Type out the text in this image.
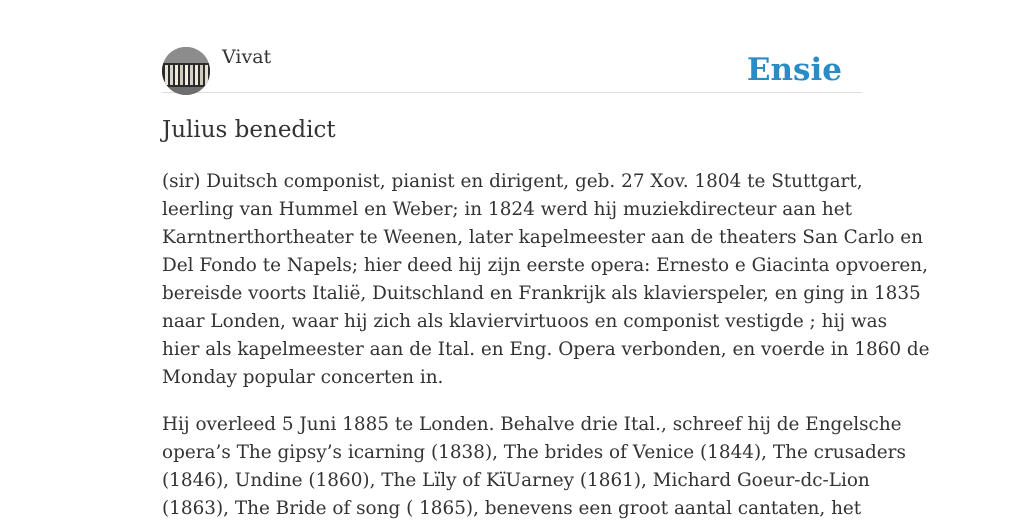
Vivat	Ensie
Julius benedict

(sir) Duitsch componist, pianist en dirigent, geb. 27 Xov. 1804 te Stuttgart,
leerling van Hummel en Weber; in 1824 werd hij muziekdirecteur aan het
Karntnerthortheater te Weenen, later kapelmeester aan de theaters San Carlo en
Del Fondo te Napels; hier deed hij zijn eerste opera: Ernesto e Giacinta opvoeren,
bereisde voorts Italië, Duitschland en Frankrijk als klavierspeler, en ging in 1835
naar Londen, waar hij zich als klaviervirtuoos en componist vestigde ; hij was
hier als kapelmeester aan de Ital. en Eng. Opera verbonden, en voerde in 1860 de
Monday popular concerten in.

Hij overleed 5 Juni 1885 te Londen. Behalve drie Ital., schreef hij de Engelsche
opera’s The gipsy’s icarning (1838), The brides of Venice (1844), The crusaders
(1846), Undine (1860), The Lïly of KïUarney (1861), Michard Goeur-dc-Lion
(1863), The Bride of song ( 1865), benevens een groot aantal cantaten, het
